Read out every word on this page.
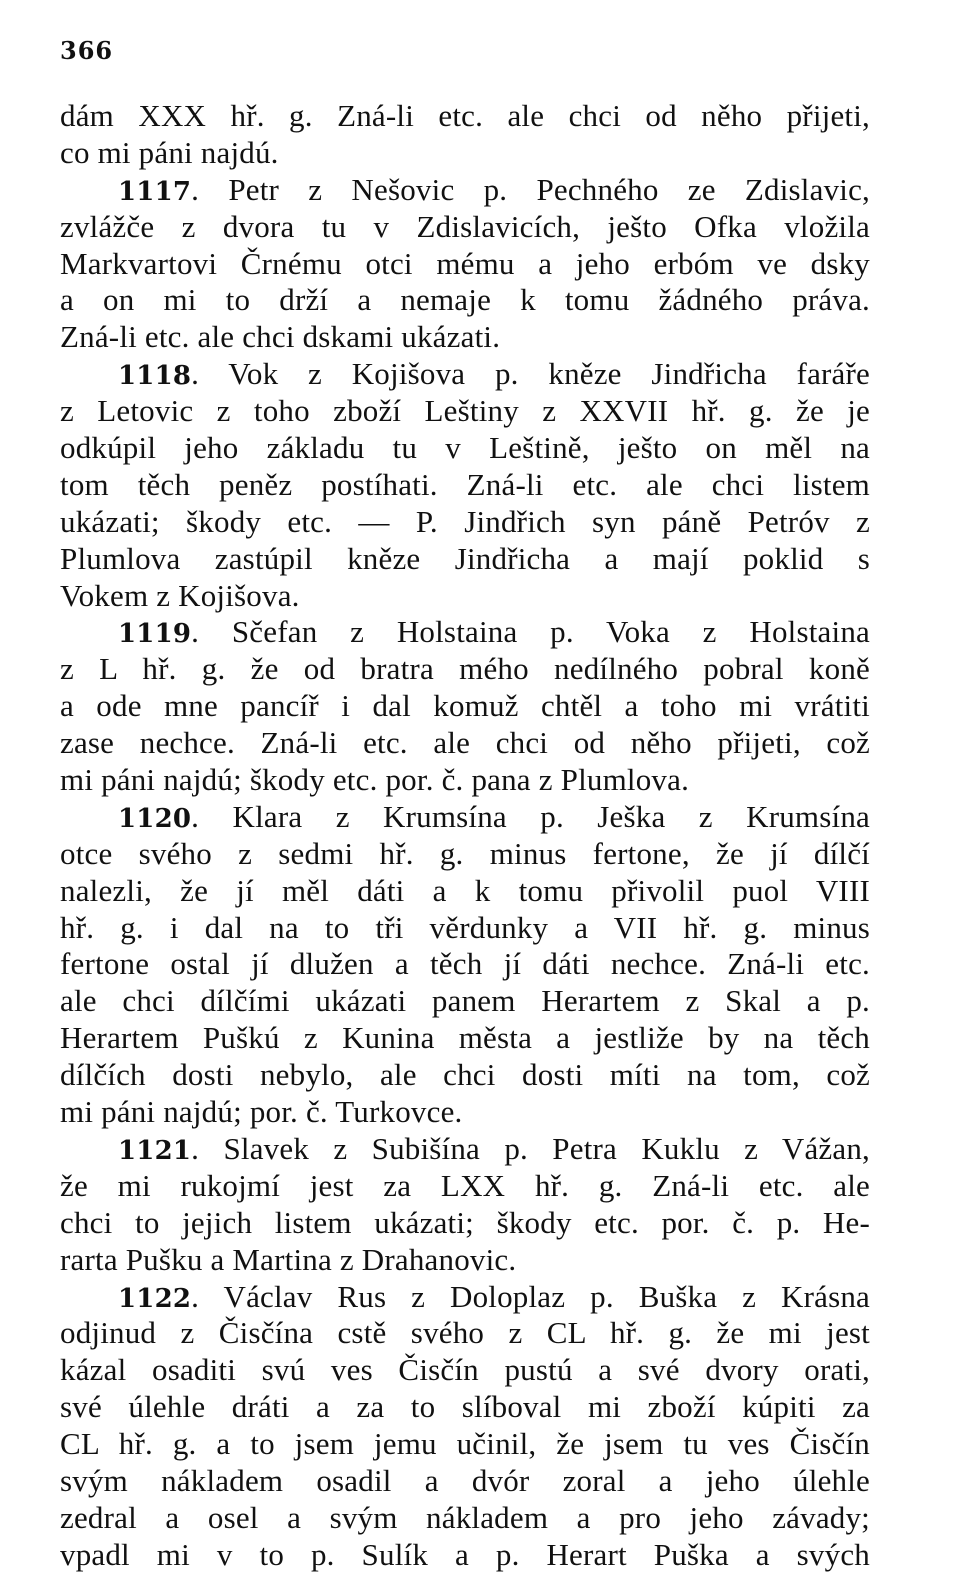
366
dám XXX hř. g. Zná-li etc. ale chci od něho přijeti,
co mi páni najdú.
1117. Petr z Nešovic p. Pechného ze Zdislavic,
zvlážče z dvora tu v Zdislavicích, ješto Ofka vložila
Markvartovi Črnému otci mému a jeho erbóm ve dsky
a on mi to drží a nemaje k tomu žádného práva.
Zná-li etc. ale chci dskami ukázati.
1118. Vok z Kojišova p. kněze Jindřicha faráře
z Letovic z toho zboží Leštiny z XXVII hř. g. že je
odkúpil jeho základu tu v Leštině, ješto on měl na
tom těch peněz postíhati. Zná-li etc. ale chci listem
ukázati; škody etc. — P. Jindřich syn páně Petróv z
Plumlova zastúpil kněze Jindřicha a mají poklid s
Vokem z Kojišova.
1119. Sčefan z Holstaina p. Voka z Holstaina
z L hř. g. že od bratra mého nedílného pobral koně
a ode mne pancíř i dal komuž chtěl a toho mi vrátiti
zase nechce. Zná-li etc. ale chci od něho přijeti, což
mi páni najdú; škody etc. por. č. pana z Plumlova.
1120. Klara z Krumsína p. Ješka z Krumsína
otce svého z sedmi hř. g. minus fertone, že jí dílčí
nalezli, že jí měl dáti a k tomu přivolil puol VIII
hř. g. i dal na to tři věrdunky a VII hř. g. minus
fertone ostal jí dlužen a těch jí dáti nechce. Zná-li etc.
ale chci dílčími ukázati panem Herartem z Skal a p.
Herartem Puškú z Kunina města a jestliže by na těch
dílčích dosti nebylo, ale chci dosti míti na tom, což
mi páni najdú; por. č. Turkovce.
1121. Slavek z Subišína p. Petra Kuklu z Vážan,
že mi rukojmí jest za LXX hř. g. Zná-li etc. ale
chci to jejich listem ukázati; škody etc. por. č. p. He-
rarta Pušku a Martina z Drahanovic.
1122. Václav Rus z Doloplaz p. Buška z Krásna
odjinud z Čisčína cstě svého z CL hř. g. že mi jest
kázal osaditi svú ves Čisčín pustú a své dvory orati,
své úlehle dráti a za to slíboval mi zboží kúpiti za
CL hř. g. a to jsem jemu učinil, že jsem tu ves Čisčín
svým nákladem osadil a dvór zoral a jeho úlehle
zedral a osel a svým nákladem a pro jeho závady;
vpadl mi v to p. Sulík a p. Herart Puška a svých
